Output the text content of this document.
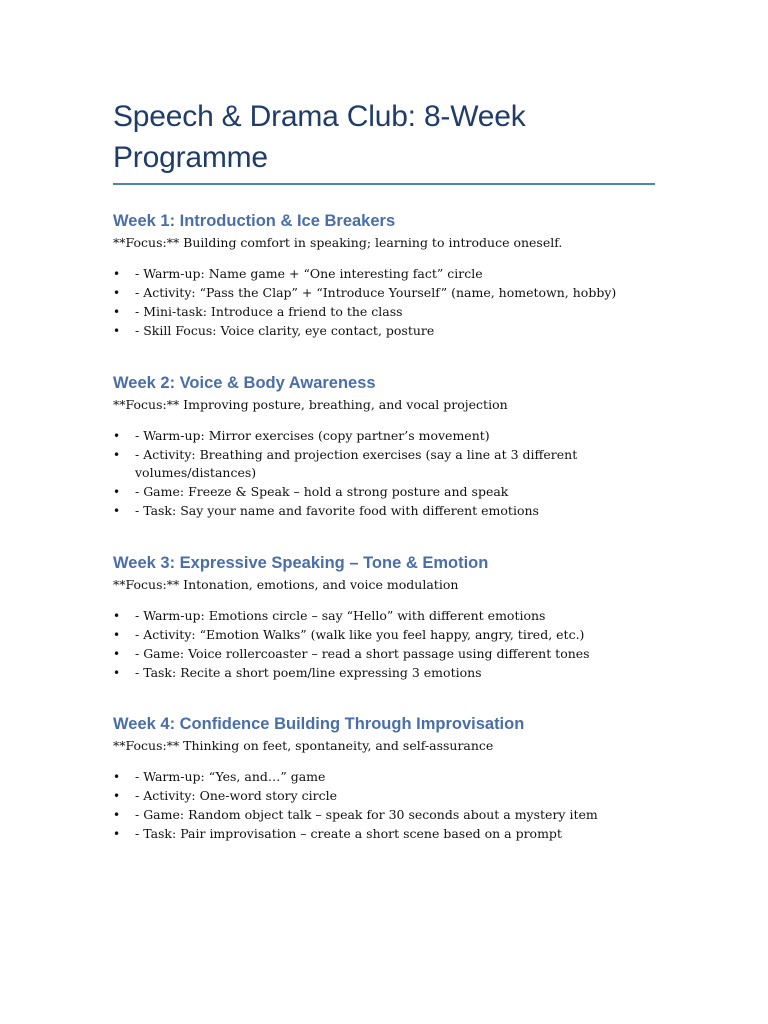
Speech & Drama Club: 8-Week Programme
Week 1: Introduction & Ice Breakers

**Focus:** Building comfort in speaking; learning to introduce oneself.

• - Warm-up: Name game + “One interesting fact” circle
• - Activity: “Pass the Clap” + “Introduce Yourself” (name, hometown, hobby)
• - Mini-task: Introduce a friend to the class
• - Skill Focus: Voice clarity, eye contact, posture
Week 2: Voice & Body Awareness

**Focus:** Improving posture, breathing, and vocal projection

• - Warm-up: Mirror exercises (copy partner’s movement)
• - Activity: Breathing and projection exercises (say a line at 3 different volumes/distances)
• - Game: Freeze & Speak – hold a strong posture and speak
• - Task: Say your name and favorite food with different emotions
Week 3: Expressive Speaking – Tone & Emotion

**Focus:** Intonation, emotions, and voice modulation

• - Warm-up: Emotions circle – say “Hello” with different emotions
• - Activity: “Emotion Walks” (walk like you feel happy, angry, tired, etc.)
• - Game: Voice rollercoaster – read a short passage using different tones
• - Task: Recite a short poem/line expressing 3 emotions
Week 4: Confidence Building Through Improvisation

**Focus:** Thinking on feet, spontaneity, and self-assurance

• - Warm-up: “Yes, and…” game
• - Activity: One-word story circle
• - Game: Random object talk – speak for 30 seconds about a mystery item
• - Task: Pair improvisation – create a short scene based on a prompt
